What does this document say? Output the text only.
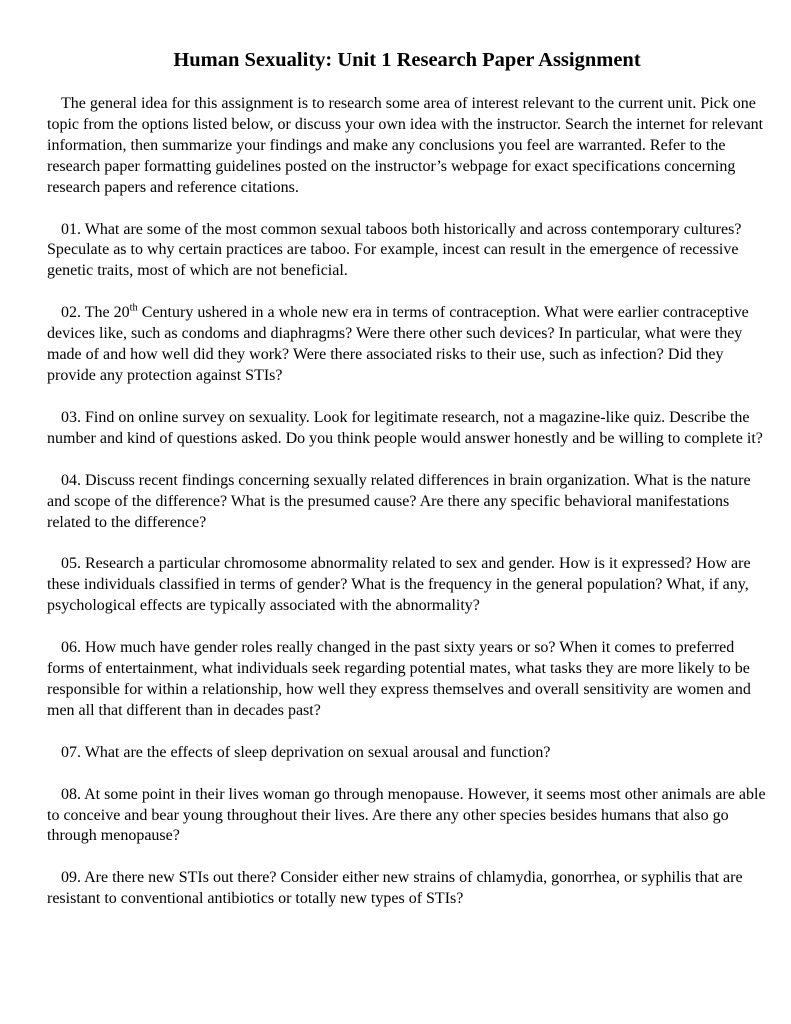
Human Sexuality: Unit 1 Research Paper Assignment

The general idea for this assignment is to research some area of interest relevant to the current unit. Pick one topic from the options listed below, or discuss your own idea with the instructor. Search the internet for relevant information, then summarize your findings and make any conclusions you feel are warranted. Refer to the research paper formatting guidelines posted on the instructor’s webpage for exact specifications concerning research papers and reference citations.

01. What are some of the most common sexual taboos both historically and across contemporary cultures? Speculate as to why certain practices are taboo. For example, incest can result in the emergence of recessive genetic traits, most of which are not beneficial.

02. The 20th Century ushered in a whole new era in terms of contraception. What were earlier contraceptive devices like, such as condoms and diaphragms? Were there other such devices? In particular, what were they made of and how well did they work? Were there associated risks to their use, such as infection? Did they provide any protection against STIs?

03. Find on online survey on sexuality. Look for legitimate research, not a magazine-like quiz. Describe the number and kind of questions asked. Do you think people would answer honestly and be willing to complete it?

04. Discuss recent findings concerning sexually related differences in brain organization. What is the nature and scope of the difference? What is the presumed cause? Are there any specific behavioral manifestations related to the difference?

05. Research a particular chromosome abnormality related to sex and gender. How is it expressed? How are these individuals classified in terms of gender? What is the frequency in the general population? What, if any, psychological effects are typically associated with the abnormality?

06. How much have gender roles really changed in the past sixty years or so? When it comes to preferred forms of entertainment, what individuals seek regarding potential mates, what tasks they are more likely to be responsible for within a relationship, how well they express themselves and overall sensitivity are women and men all that different than in decades past?

07. What are the effects of sleep deprivation on sexual arousal and function?

08. At some point in their lives woman go through menopause. However, it seems most other animals are able to conceive and bear young throughout their lives. Are there any other species besides humans that also go through menopause?

09. Are there new STIs out there? Consider either new strains of chlamydia, gonorrhea, or syphilis that are resistant to conventional antibiotics or totally new types of STIs?
